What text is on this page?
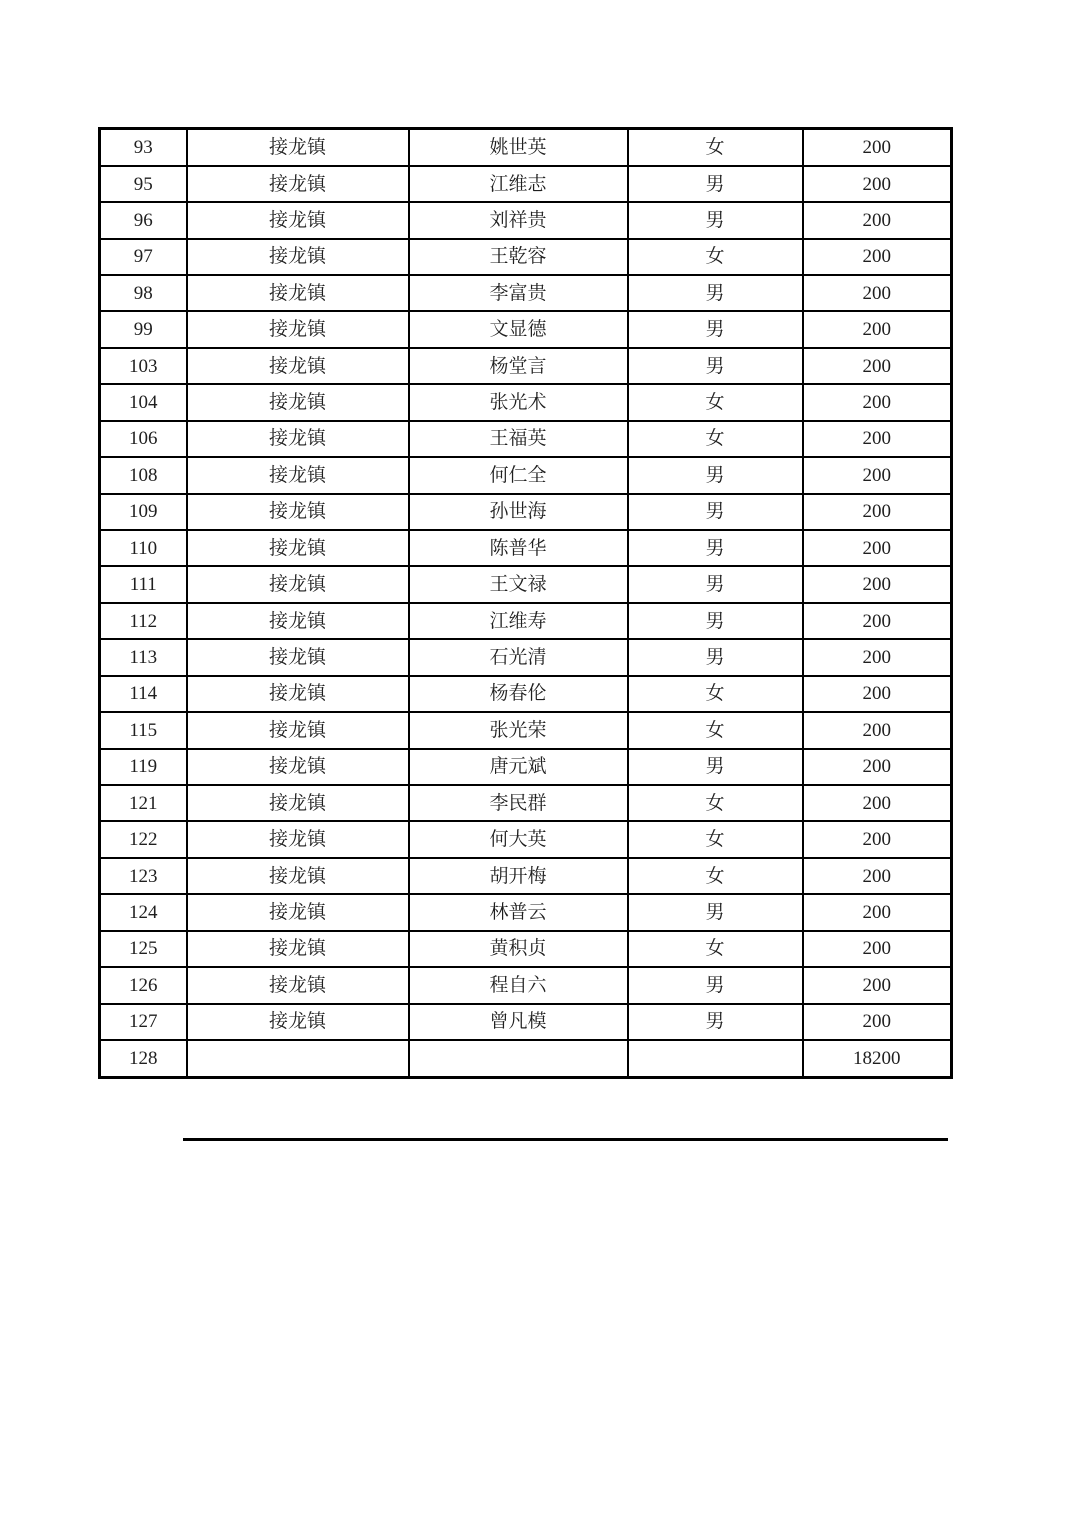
93	接龙镇	姚世英	女	200
95	接龙镇	江维志	男	200
96	接龙镇	刘祥贵	男	200
97	接龙镇	王乾容	女	200
98	接龙镇	李富贵	男	200
99	接龙镇	文显德	男	200
103	接龙镇	杨堂言	男	200
104	接龙镇	张光术	女	200
106	接龙镇	王福英	女	200
108	接龙镇	何仁全	男	200
109	接龙镇	孙世海	男	200
110	接龙镇	陈普华	男	200
111	接龙镇	王文禄	男	200
112	接龙镇	江维寿	男	200
113	接龙镇	石光清	男	200
114	接龙镇	杨春伦	女	200
115	接龙镇	张光荣	女	200
119	接龙镇	唐元斌	男	200
121	接龙镇	李民群	女	200
122	接龙镇	何大英	女	200
123	接龙镇	胡开梅	女	200
124	接龙镇	林普云	男	200
125	接龙镇	黄积贞	女	200
126	接龙镇	程自六	男	200
127	接龙镇	曾凡模	男	200
128				18200
